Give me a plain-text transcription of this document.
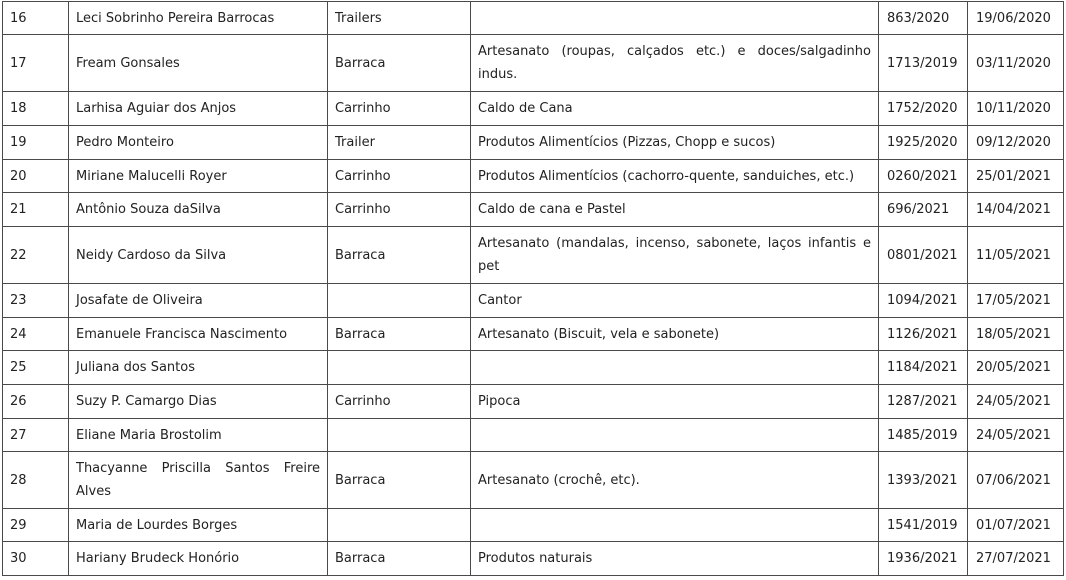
16	Leci Sobrinho Pereira Barrocas	Trailers		863/2020	19/06/2020
17	Fream Gonsales	Barraca	Artesanato (roupas, calçados etc.) e doces/salgadinho indus.	1713/2019	03/11/2020
18	Larhisa Aguiar dos Anjos	Carrinho	Caldo de Cana	1752/2020	10/11/2020
19	Pedro Monteiro	Trailer	Produtos Alimentícios (Pizzas, Chopp e sucos)	1925/2020	09/12/2020
20	Miriane Malucelli Royer	Carrinho	Produtos Alimentícios (cachorro-quente, sanduiches, etc.)	0260/2021	25/01/2021
21	Antônio Souza daSilva	Carrinho	Caldo de cana e Pastel	696/2021	14/04/2021
22	Neidy Cardoso da Silva	Barraca	Artesanato (mandalas, incenso, sabonete, laços infantis e pet	0801/2021	11/05/2021
23	Josafate de Oliveira		Cantor	1094/2021	17/05/2021
24	Emanuele Francisca Nascimento	Barraca	Artesanato (Biscuit, vela e sabonete)	1126/2021	18/05/2021
25	Juliana dos Santos			1184/2021	20/05/2021
26	Suzy P. Camargo Dias	Carrinho	Pipoca	1287/2021	24/05/2021
27	Eliane Maria Brostolim			1485/2019	24/05/2021
28	Thacyanne Priscilla Santos Freire Alves	Barraca	Artesanato (crochê, etc).	1393/2021	07/06/2021
29	Maria de Lourdes Borges			1541/2019	01/07/2021
30	Hariany Brudeck Honório	Barraca	Produtos naturais	1936/2021	27/07/2021
